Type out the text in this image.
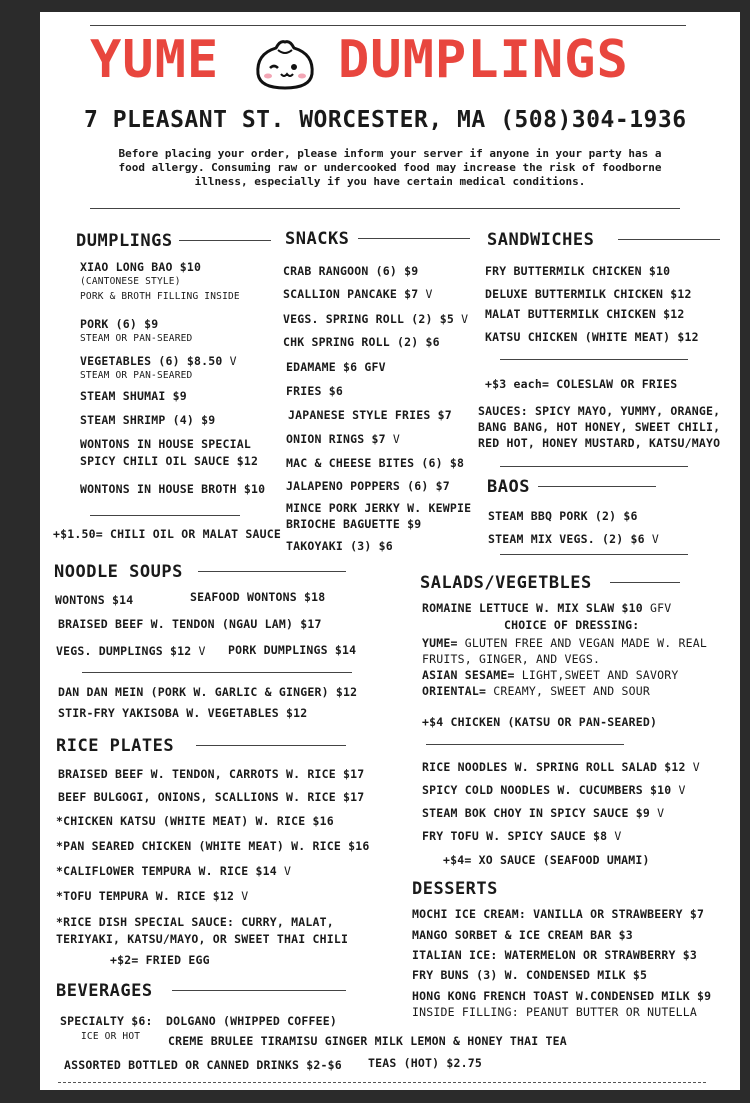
YUME DUMPLINGS
7 PLEASANT ST. WORCESTER, MA (508)304-1936
Before placing your order, please inform your server if anyone in your party has a
food allergy. Consuming raw or undercooked food may increase the risk of foodborne
illness, especially if you have certain medical conditions.
DUMPLINGS
XIAO LONG BAO $10
(CANTONESE STYLE)
PORK & BROTH FILLING INSIDE
PORK (6) $9
STEAM OR PAN-SEARED
VEGETABLES (6) $8.50 V
STEAM OR PAN-SEARED
STEAM SHUMAI $9
STEAM SHRIMP (4) $9
WONTONS IN HOUSE SPECIAL
SPICY CHILI OIL SAUCE $12
WONTONS IN HOUSE BROTH $10
+$1.50= CHILI OIL OR MALAT SAUCE
SNACKS
CRAB RANGOON (6) $9
SCALLION PANCAKE $7 V
VEGS. SPRING ROLL (2) $5 V
CHK SPRING ROLL (2) $6
EDAMAME $6 GFV
FRIES $6
JAPANESE STYLE FRIES $7
ONION RINGS $7 V
MAC & CHEESE BITES (6) $8
JALAPENO POPPERS (6) $7
MINCE PORK JERKY W. KEWPIE
BRIOCHE BAGUETTE $9
TAKOYAKI (3) $6
SANDWICHES
FRY BUTTERMILK CHICKEN $10
DELUXE BUTTERMILK CHICKEN $12
MALAT BUTTERMILK CHICKEN $12
KATSU CHICKEN (WHITE MEAT) $12
+$3 each= COLESLAW OR FRIES
SAUCES: SPICY MAYO, YUMMY, ORANGE,
BANG BANG, HOT HONEY, SWEET CHILI,
RED HOT, HONEY MUSTARD, KATSU/MAYO
BAOS
STEAM BBQ PORK (2) $6
STEAM MIX VEGS. (2) $6 V
NOODLE SOUPS
WONTONS $14	SEAFOOD WONTONS $18
BRAISED BEEF W. TENDON (NGAU LAM) $17
VEGS. DUMPLINGS $12 V PORK DUMPLINGS $14
DAN DAN MEIN (PORK W. GARLIC & GINGER) $12
STIR-FRY YAKISOBA W. VEGETABLES $12
RICE PLATES
BRAISED BEEF W. TENDON, CARROTS W. RICE $17
BEEF BULGOGI, ONIONS, SCALLIONS W. RICE $17
*CHICKEN KATSU (WHITE MEAT) W. RICE $16
*PAN SEARED CHICKEN (WHITE MEAT) W. RICE $16
*CALIFLOWER TEMPURA W. RICE $14 V
*TOFU TEMPURA W. RICE $12 V
*RICE DISH SPECIAL SAUCE: CURRY, MALAT,
TERIYAKI, KATSU/MAYO, OR SWEET THAI CHILI
+$2= FRIED EGG
BEVERAGES
SPECIALTY $6: DOLGANO (WHIPPED COFFEE)
ICE OR HOT CREME BRULEE TIRAMISU GINGER MILK LEMON & HONEY THAI TEA
ASSORTED BOTTLED OR CANNED DRINKS $2-$6 TEAS (HOT) $2.75
SALADS/VEGETBLES
ROMAINE LETTUCE W. MIX SLAW $10 GFV
CHOICE OF DRESSING:
YUME= GLUTEN FREE AND VEGAN MADE W. REAL
FRUITS, GINGER, AND VEGS.
ASIAN SESAME= LIGHT,SWEET AND SAVORY
ORIENTAL= CREAMY, SWEET AND SOUR
+$4 CHICKEN (KATSU OR PAN-SEARED)
RICE NOODLES W. SPRING ROLL SALAD $12 V
SPICY COLD NOODLES W. CUCUMBERS $10 V
STEAM BOK CHOY IN SPICY SAUCE $9 V
FRY TOFU W. SPICY SAUCE $8 V
+$4= XO SAUCE (SEAFOOD UMAMI)
DESSERTS
MOCHI ICE CREAM: VANILLA OR STRAWBEERY $7
MANGO SORBET & ICE CREAM BAR $3
ITALIAN ICE: WATERMELON OR STRAWBERRY $3
FRY BUNS (3) W. CONDENSED MILK $5
HONG KONG FRENCH TOAST W.CONDENSED MILK $9
INSIDE FILLING: PEANUT BUTTER OR NUTELLA
